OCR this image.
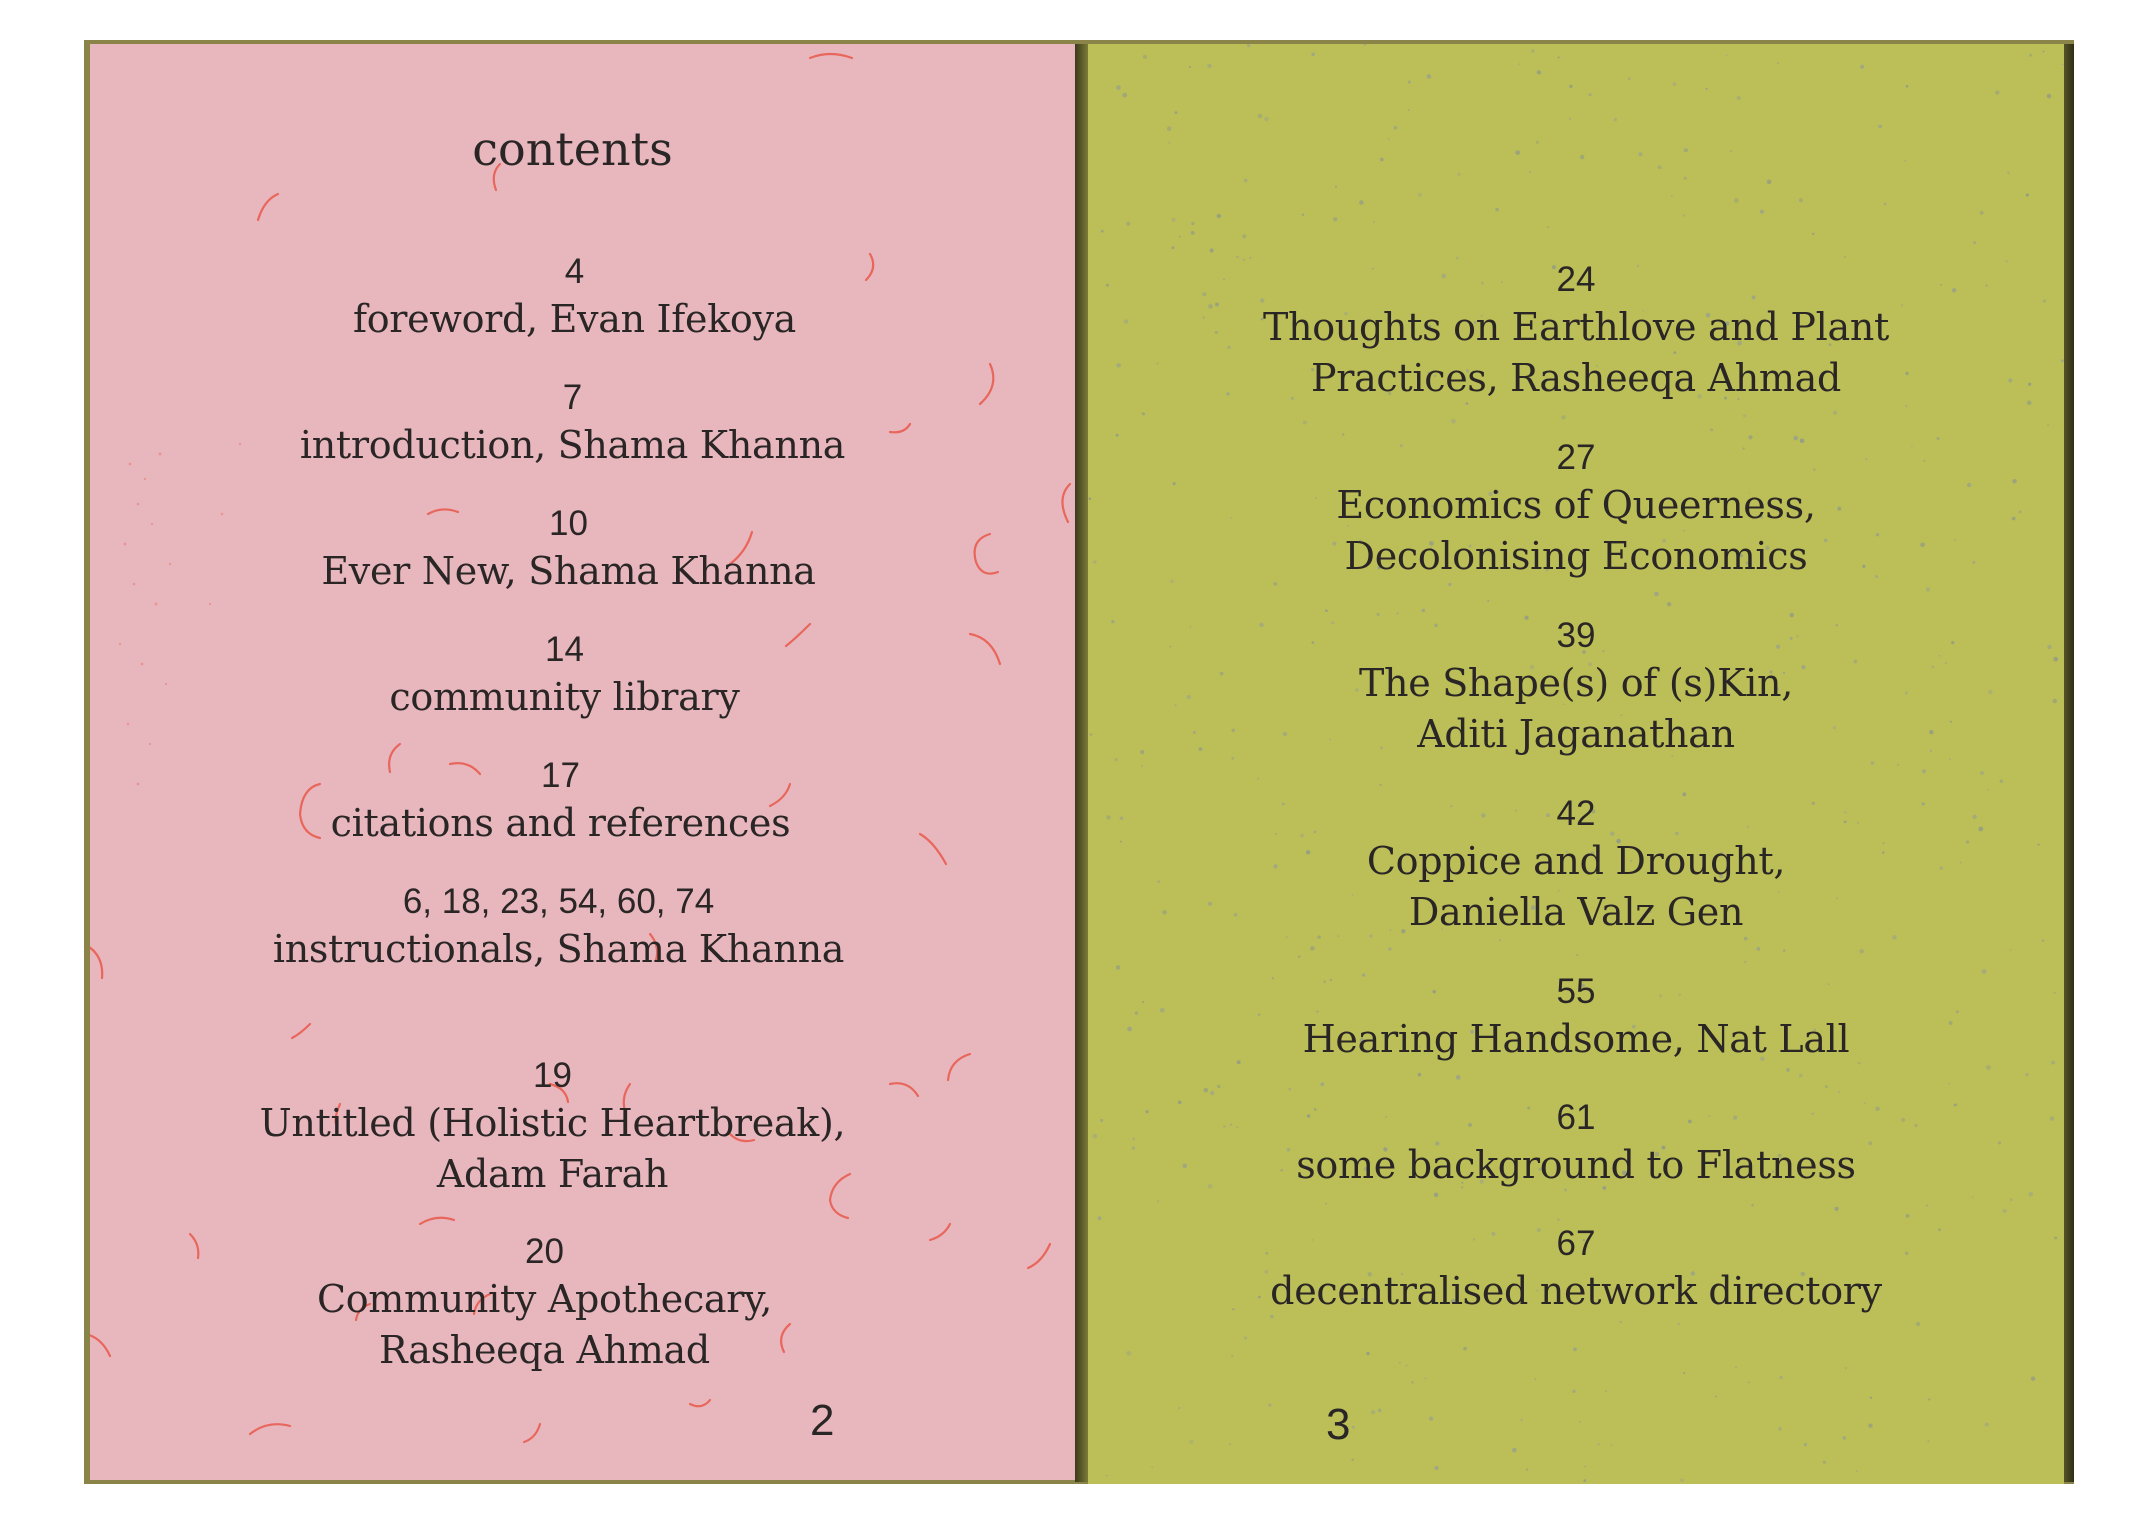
contents
4
foreword, Evan Ifekoya
7
introduction, Shama Khanna
10
Ever New, Shama Khanna
14
community library
17
citations and references
6, 18, 23, 54, 60, 74
instructionals, Shama Khanna
19
Untitled (Holistic Heartbreak),
Adam Farah
20
Community Apothecary,
Rasheeqa Ahmad
2
24
Thoughts on Earthlove and Plant
Practices, Rasheeqa Ahmad
27
Economics of Queerness,
Decolonising Economics
39
The Shape(s) of (s)Kin,
Aditi Jaganathan
42
Coppice and Drought,
Daniella Valz Gen
55
Hearing Handsome, Nat Lall
61
some background to Flatness
67
decentralised network directory
3
